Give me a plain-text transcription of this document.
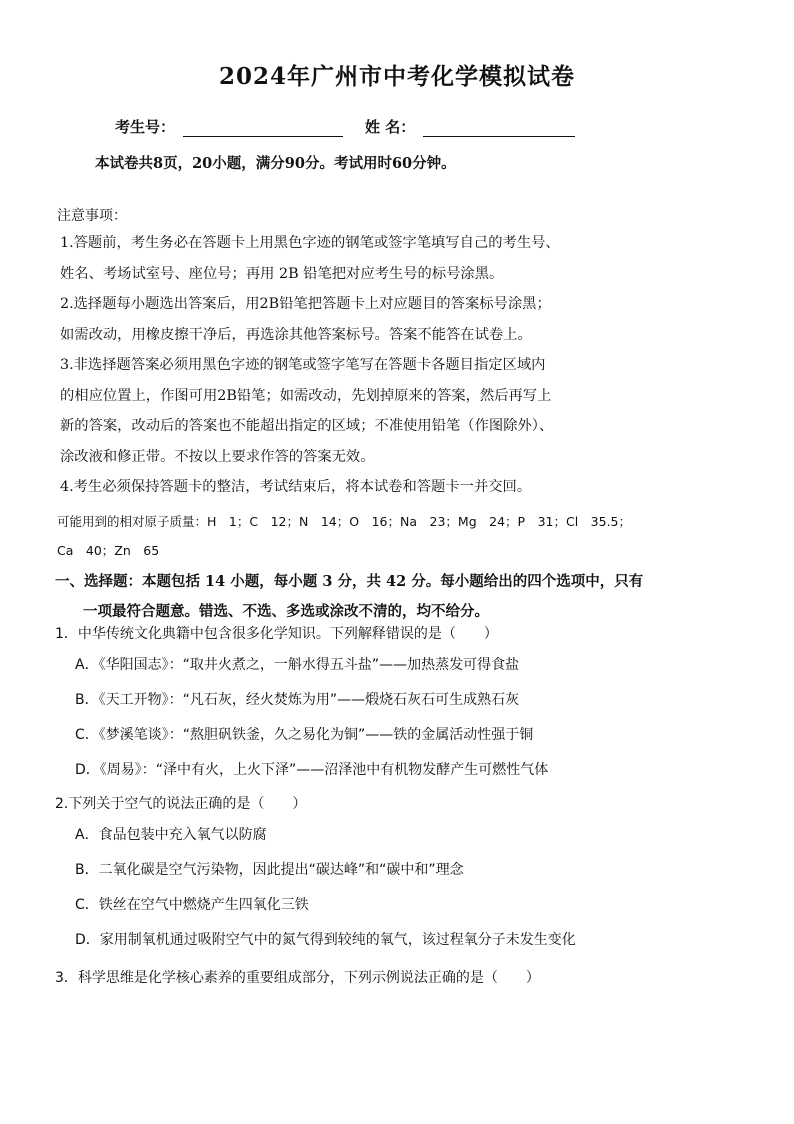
2024年广州市中考化学模拟试卷
考生号：	姓 名：
本试卷共8页，20小题，满分90分。考试用时60分钟。
注意事项：

1.答题前，考生务必在答题卡上用黑色字迹的钢笔或签字笔填写自己的考生号、

姓名、考场试室号、座位号；再用 2B 铅笔把对应考生号的标号涂黑。

2.选择题每小题选出答案后，用2B铅笔把答题卡上对应题目的答案标号涂黑；

如需改动，用橡皮擦干净后，再选涂其他答案标号。答案不能答在试卷上。

3.非选择题答案必须用黑色字迹的钢笔或签字笔写在答题卡各题目指定区域内

的相应位置上，作图可用2B铅笔；如需改动，先划掉原来的答案，然后再写上

新的答案，改动后的答案也不能超出指定的区域；不准使用铅笔（作图除外）、

涂改液和修正带。不按以上要求作答的答案无效。

4.考生必须保持答题卡的整洁，考试结束后，将本试卷和答题卡一并交回。

可能用到的相对原子质量：H　1；C　12；N　14；O　16；Na　23；Mg　24；P　31；Cl　35.5；

Ca　40；Zn　65

一、选择题：本题包括 14 小题，每小题 3 分，共 42 分。每小题给出的四个选项中，只有

一项最符合题意。错选、不选、多选或涂改不清的，均不给分。

1．中华传统文化典籍中包含很多化学知识。下列解释错误的是（　　）

A．《华阳国志》：“取井火煮之，一斛水得五斗盐”——加热蒸发可得食盐

B．《天工开物》：“凡石灰，经火焚炼为用”——煅烧石灰石可生成熟石灰

C．《梦溪笔谈》：“熬胆矾铁釜，久之易化为铜”——铁的金属活动性强于铜

D．《周易》：“泽中有火，上火下泽”——沼泽池中有机物发酵产生可燃性气体

2.下列关于空气的说法正确的是（　　）

A．食品包装中充入氧气以防腐

B．二氧化碳是空气污染物，因此提出“碳达峰”和“碳中和”理念

C．铁丝在空气中燃烧产生四氧化三铁

D．家用制氧机通过吸附空气中的氮气得到较纯的氧气，该过程氧分子未发生变化

3．科学思维是化学核心素养的重要组成部分，下列示例说法正确的是（　　）
